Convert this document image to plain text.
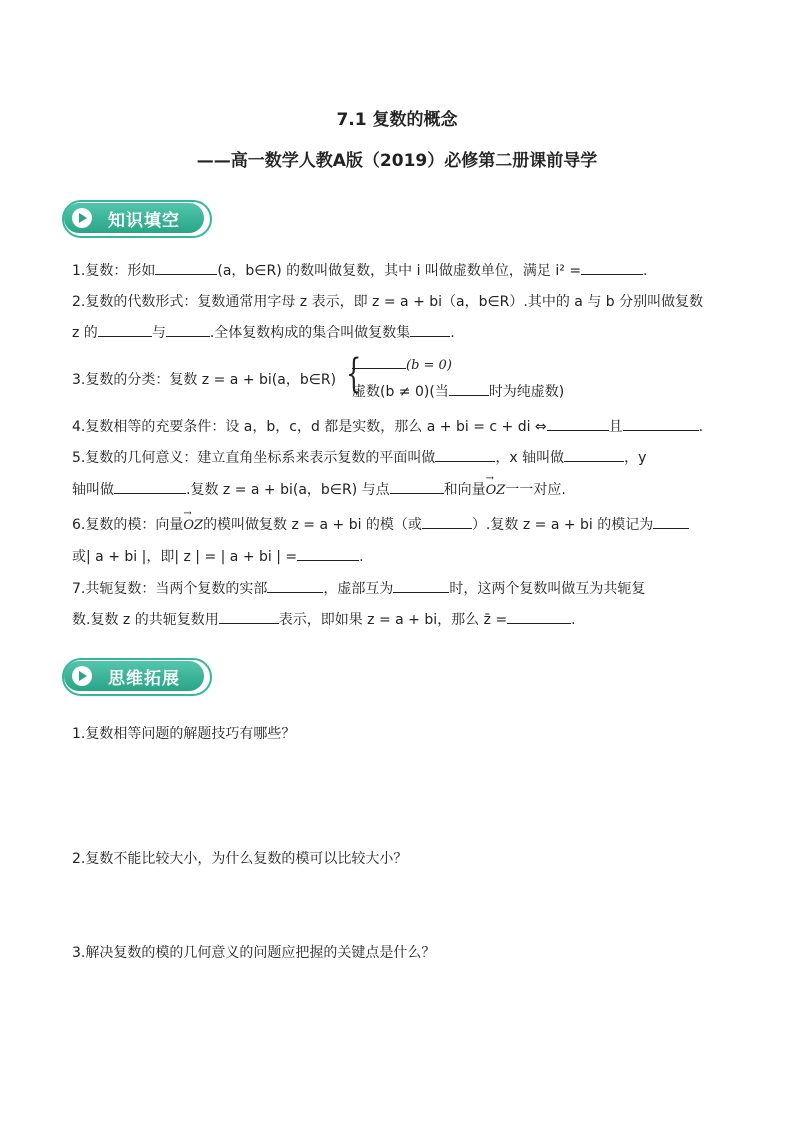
7.1 复数的概念
——高一数学人教A版（2019）必修第二册课前导学
知识填空
1.复数：形如	(a，b∈R) 的数叫做复数，其中 i 叫做虚数单位，满足 i² =	.
2.复数的代数形式：复数通常用字母 z 表示，即 z = a + bi（a，b∈R）.其中的 a 与 b 分别叫做复数
z 的	与	.全体复数构成的集合叫做复数集	.
3.复数的分类：复数 z = a + bi(a，b∈R) {	(b = 0)
虚数(b ≠ 0)(当	时为纯虚数)
4.复数相等的充要条件：设 a，b，c，d 都是实数，那么 a + bi = c + di ⇔	且	.
5.复数的几何意义：建立直角坐标系来表示复数的平面叫做	，x 轴叫做	，y
轴叫做	.复数 z = a + bi(a，b∈R) 与点	和向量→ OZ一一对应.
6.复数的模：向量→ OZ的模叫做复数 z = a + bi 的模（或	）.复数 z = a + bi 的模记为
或| a + bi |，即| z | = | a + bi | =	.
7.共轭复数：当两个复数的实部	，虚部互为	时，这两个复数叫做互为共轭复
数.复数 z 的共轭复数用	表示，即如果 z = a + bi，那么 z̄ =	.
思维拓展
1.复数相等问题的解题技巧有哪些？
2.复数不能比较大小，为什么复数的模可以比较大小？
3.解决复数的模的几何意义的问题应把握的关键点是什么？
